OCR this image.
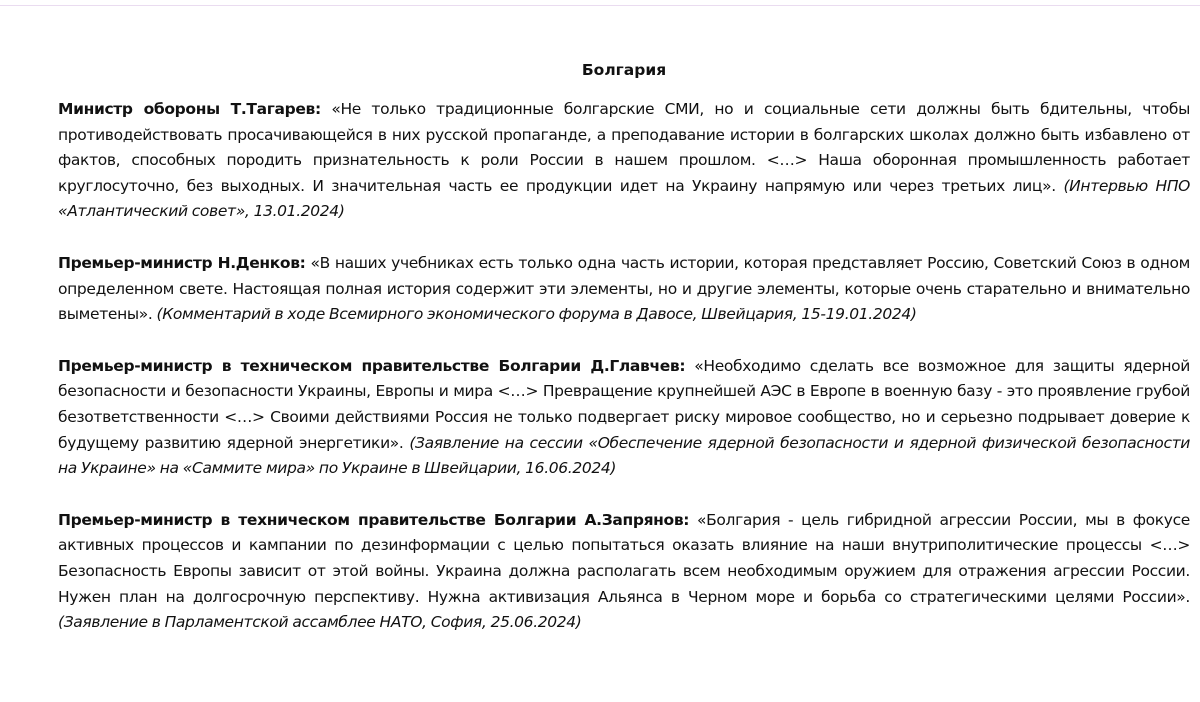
Болгария

Министр обороны Т.Тагарев: «Не только традиционные болгарские СМИ, но и социальные сети должны быть бдительны, чтобы противодействовать просачивающейся в них русской пропаганде, а преподавание истории в болгарских школах должно быть избавлено от фактов, способных породить признательность к роли России в нашем прошлом. <…> Наша оборонная промышленность работает круглосуточно, без выходных. И значительная часть ее продукции идет на Украину напрямую или через третьих лиц». (Интервью НПО «Атлантический совет», 13.01.2024)

Премьер-министр Н.Денков: «В наших учебниках есть только одна часть истории, которая представляет Россию, Советский Союз в одном определенном свете. Настоящая полная история содержит эти элементы, но и другие элементы, которые очень старательно и внимательно выметены». (Комментарий в ходе Всемирного экономического форума в Давосе, Швейцария, 15-19.01.2024)

Премьер-министр в техническом правительстве Болгарии Д.Главчев: «Необходимо сделать все возможное для защиты ядерной безопасности и безопасности Украины, Европы и мира <…> Превращение крупнейшей АЭС в Европе в военную базу - это проявление грубой безответственности <…> Своими действиями Россия не только подвергает риску мировое сообщество, но и серьезно подрывает доверие к будущему развитию ядерной энергетики». (Заявление на сессии «Обеспечение ядерной безопасности и ядерной физической безопасности на Украине» на «Саммите мира» по Украине в Швейцарии, 16.06.2024)

Премьер-министр в техническом правительстве Болгарии А.Запрянов: «Болгария - цель гибридной агрессии России, мы в фокусе активных процессов и кампании по дезинформации с целью попытаться оказать влияние на наши внутриполитические процессы <…> Безопасность Европы зависит от этой войны. Украина должна располагать всем необходимым оружием для отражения агрессии России. Нужен план на долгосрочную перспективу. Нужна активизация Альянса в Черном море и борьба со стратегическими целями России». (Заявление в Парламентской ассамблее НАТО, София, 25.06.2024)
